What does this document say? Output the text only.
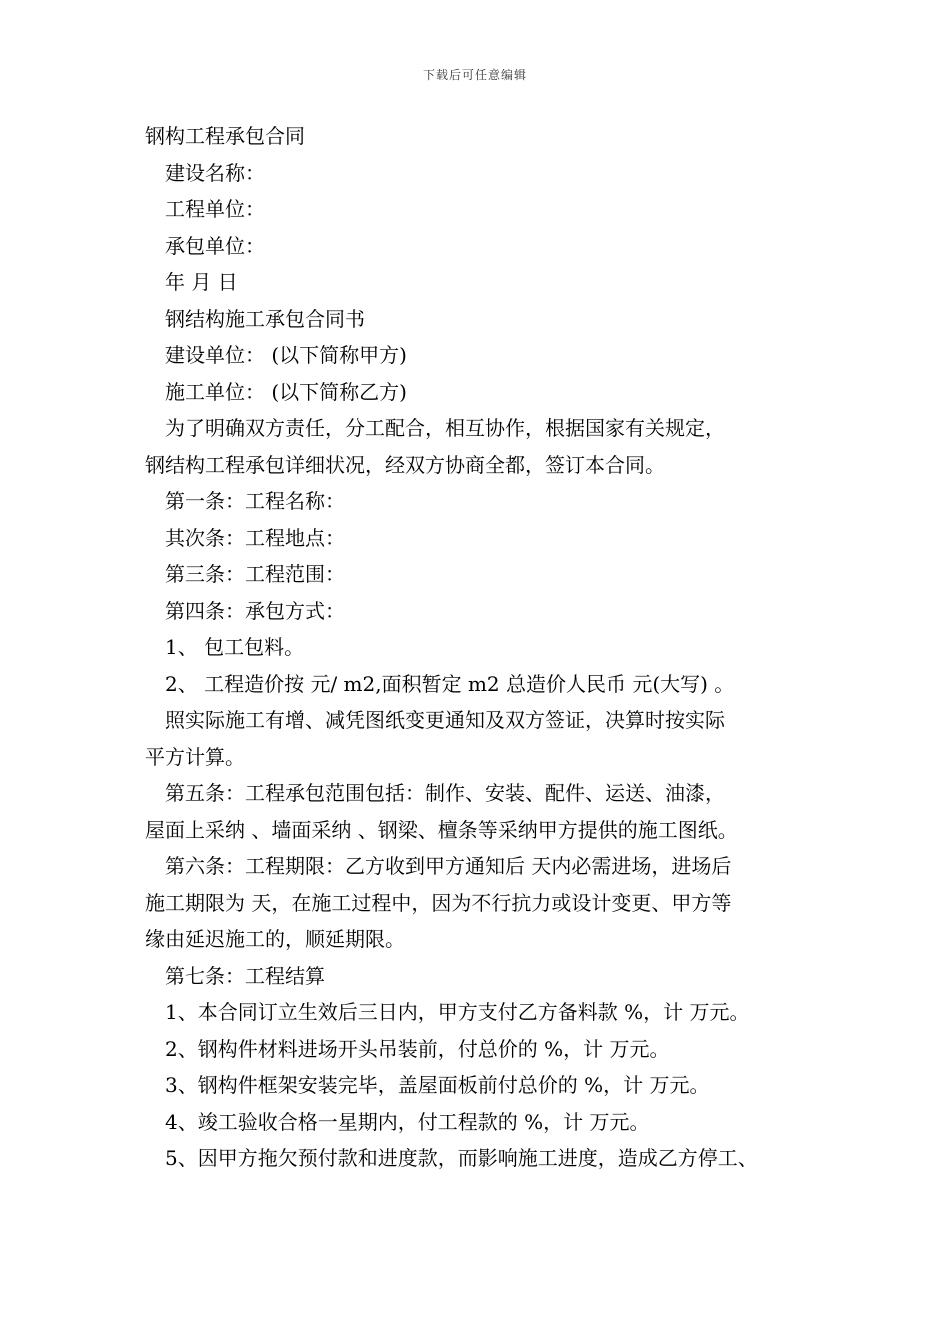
下载后可任意编辑
钢构工程承包合同
建设名称：
工程单位：
承包单位：
年 月 日
钢结构施工承包合同书
建设单位： (以下简称甲方)
施工单位： (以下简称乙方)
为了明确双方责任，分工配合，相互协作，根据国家有关规定，
钢结构工程承包详细状况，经双方协商全都，签订本合同。
第一条：工程名称：
其次条：工程地点：
第三条：工程范围：
第四条：承包方式：
1、 包工包料。
2、 工程造价按 元/ m2,面积暂定 m2 总造价人民币 元(大写) 。
照实际施工有增、减凭图纸变更通知及双方签证，决算时按实际
平方计算。
第五条：工程承包范围包括：制作、安装、配件、运送、油漆，
屋面上采纳 、墙面采纳 、钢梁、檀条等采纳甲方提供的施工图纸。
第六条：工程期限：乙方收到甲方通知后 天内必需进场，进场后
施工期限为 天，在施工过程中，因为不行抗力或设计变更、甲方等
缘由延迟施工的，顺延期限。
第七条：工程结算
1、本合同订立生效后三日内，甲方支付乙方备料款 %，计 万元。
2、钢构件材料进场开头吊装前，付总价的 %，计 万元。
3、钢构件框架安装完毕，盖屋面板前付总价的 %，计 万元。
4、竣工验收合格一星期内，付工程款的 %，计 万元。
5、因甲方拖欠预付款和进度款，而影响施工进度，造成乙方停工、
